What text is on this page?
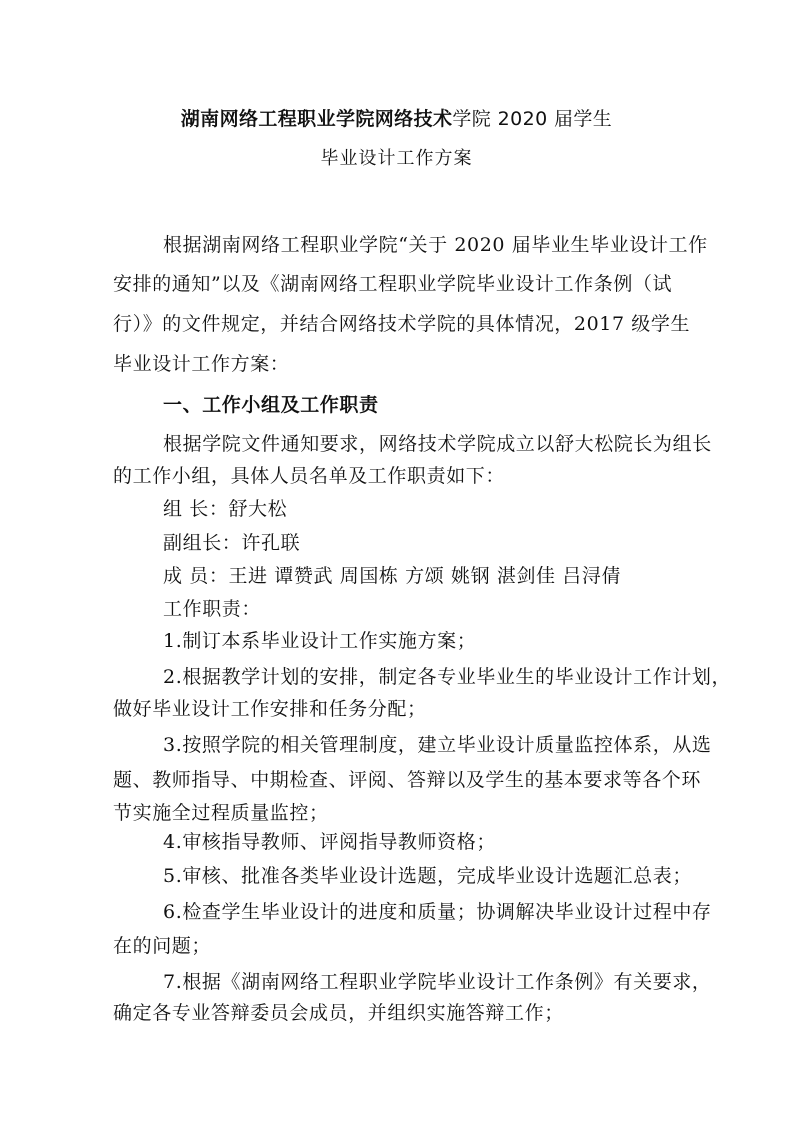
湖南网络工程职业学院网络技术学院 2020 届学生
毕业设计工作方案
根据湖南网络工程职业学院“关于 2020 届毕业生毕业设计工作
安排的通知”以及《湖南网络工程职业学院毕业设计工作条例（试
行）》的文件规定，并结合网络技术学院的具体情况，2017 级学生
毕业设计工作方案：
一、工作小组及工作职责
根据学院文件通知要求，网络技术学院成立以舒大松院长为组长
的工作小组，具体人员名单及工作职责如下：
组 长：舒大松
副组长：许孔联
成 员：王进 谭赞武 周国栋 方颂 姚钢 湛剑佳 吕浔倩
工作职责：
1.制订本系毕业设计工作实施方案；
2.根据教学计划的安排，制定各专业毕业生的毕业设计工作计划，
做好毕业设计工作安排和任务分配；
3.按照学院的相关管理制度，建立毕业设计质量监控体系，从选
题、教师指导、中期检查、评阅、答辩以及学生的基本要求等各个环
节实施全过程质量监控；
4.审核指导教师、评阅指导教师资格；
5.审核、批准各类毕业设计选题，完成毕业设计选题汇总表；
6.检查学生毕业设计的进度和质量；协调解决毕业设计过程中存
在的问题；
7.根据《湖南网络工程职业学院毕业设计工作条例》有关要求，
确定各专业答辩委员会成员，并组织实施答辩工作；
